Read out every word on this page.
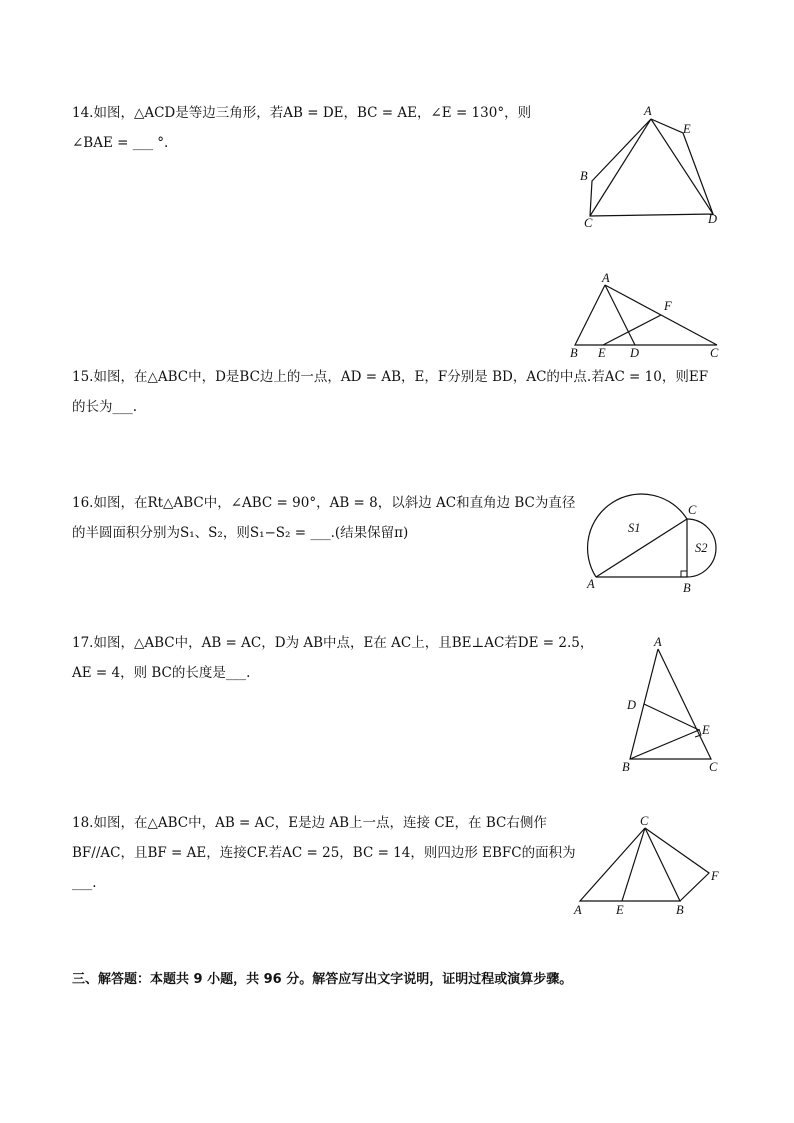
14.如图，△ACD是等边三角形，若AB = DE，BC = AE，∠E = 130°，则
∠BAE = ___ °.
A
E
B
C	D
A
F
B E D	C
15.如图，在△ABC中，D是BC边上的一点，AD = AB，E，F分别是 BD，AC的中点.若AC = 10，则EF
的长为___.
16.如图，在Rt△ABC中，∠ABC = 90°，AB = 8，以斜边 AC和直角边 BC为直径
的半圆面积分别为S₁、S₂，则S₁−S₂ = ___.(结果保留π)
C
S1
S2
A	B
17.如图，△ABC中，AB = AC，D为 AB中点，E在 AC上，且BE⊥AC若DE = 2.5，
AE = 4，则 BC的长度是___.
A
D
E
B	C
18.如图，在△ABC中，AB = AC，E是边 AB上一点，连接 CE，在 BC右侧作
BF//AC，且BF = AE，连接CF.若AC = 25，BC = 14，则四边形 EBFC的面积为
___.
C
F
A	E	B
三、解答题：本题共 9 小题，共 96 分。解答应写出文字说明，证明过程或演算步骤。
